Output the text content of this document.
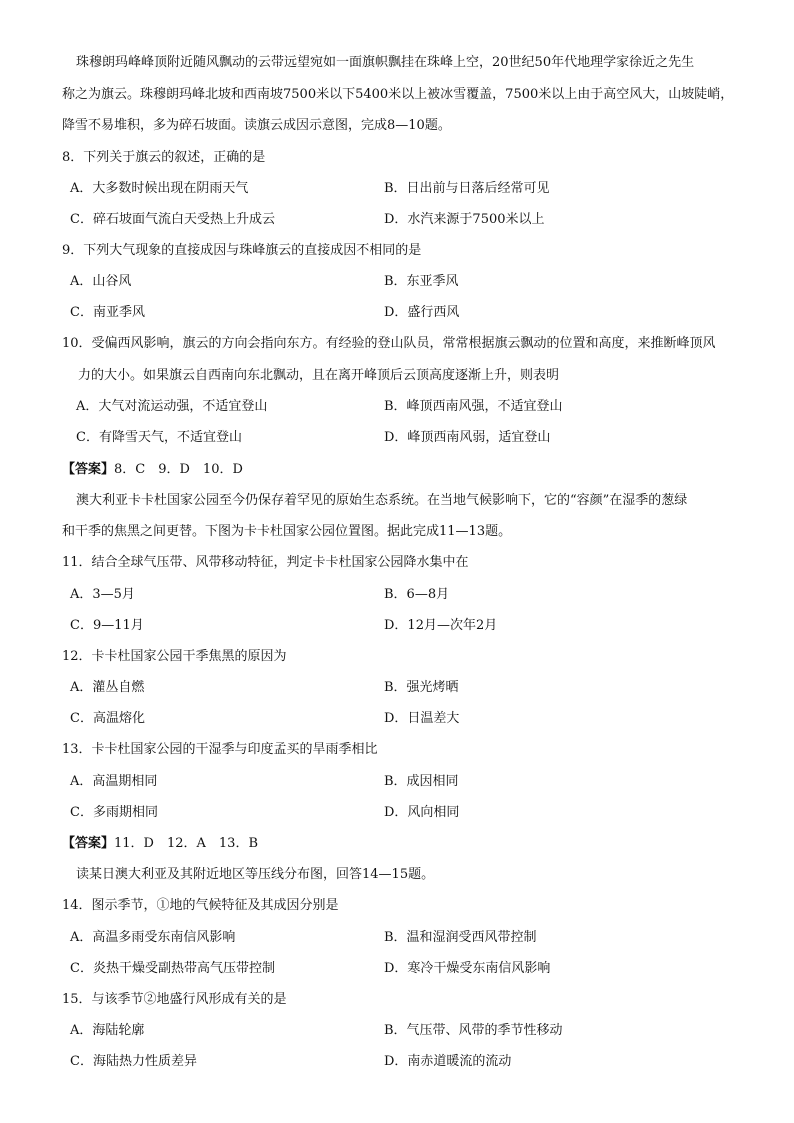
珠穆朗玛峰峰顶附近随风飘动的云带远望宛如一面旗帜飘挂在珠峰上空，20世纪50年代地理学家徐近之先生
称之为旗云。珠穆朗玛峰北坡和西南坡7500米以下5400米以上被冰雪覆盖，7500米以上由于高空风大，山坡陡峭，
降雪不易堆积，多为碎石坡面。读旗云成因示意图，完成8—10题。
8．下列关于旗云的叙述，正确的是
A．大多数时候出现在阴雨天气	B．日出前与日落后经常可见
C．碎石坡面气流白天受热上升成云	D．水汽来源于7500米以上
9．下列大气现象的直接成因与珠峰旗云的直接成因不相同的是
A．山谷风	B．东亚季风
C．南亚季风	D．盛行西风
10．受偏西风影响，旗云的方向会指向东方。有经验的登山队员，常常根据旗云飘动的位置和高度，来推断峰顶风
力的大小。如果旗云自西南向东北飘动，且在离开峰顶后云顶高度逐渐上升，则表明
A．大气对流运动强，不适宜登山	B．峰顶西南风强，不适宜登山
C．有降雪天气，不适宜登山	D．峰顶西南风弱，适宜登山
【答案】8．C　9．D　10．D
澳大利亚卡卡杜国家公园至今仍保存着罕见的原始生态系统。在当地气候影响下，它的“容颜”在湿季的葱绿
和干季的焦黑之间更替。下图为卡卡杜国家公园位置图。据此完成11—13题。
11．结合全球气压带、风带移动特征，判定卡卡杜国家公园降水集中在
A．3—5月	B．6—8月
C．9—11月	D．12月—次年2月
12．卡卡杜国家公园干季焦黑的原因为
A．灌丛自燃	B．强光烤晒
C．高温熔化	D．日温差大
13．卡卡杜国家公园的干湿季与印度孟买的旱雨季相比
A．高温期相同	B．成因相同
C．多雨期相同	D．风向相同
【答案】11．D　12．A　13．B
读某日澳大利亚及其附近地区等压线分布图，回答14—15题。
14．图示季节，①地的气候特征及其成因分别是
A．高温多雨受东南信风影响	B．温和湿润受西风带控制
C．炎热干燥受副热带高气压带控制	D．寒冷干燥受东南信风影响
15．与该季节②地盛行风形成有关的是
A．海陆轮廓	B．气压带、风带的季节性移动
C．海陆热力性质差异	D．南赤道暖流的流动
